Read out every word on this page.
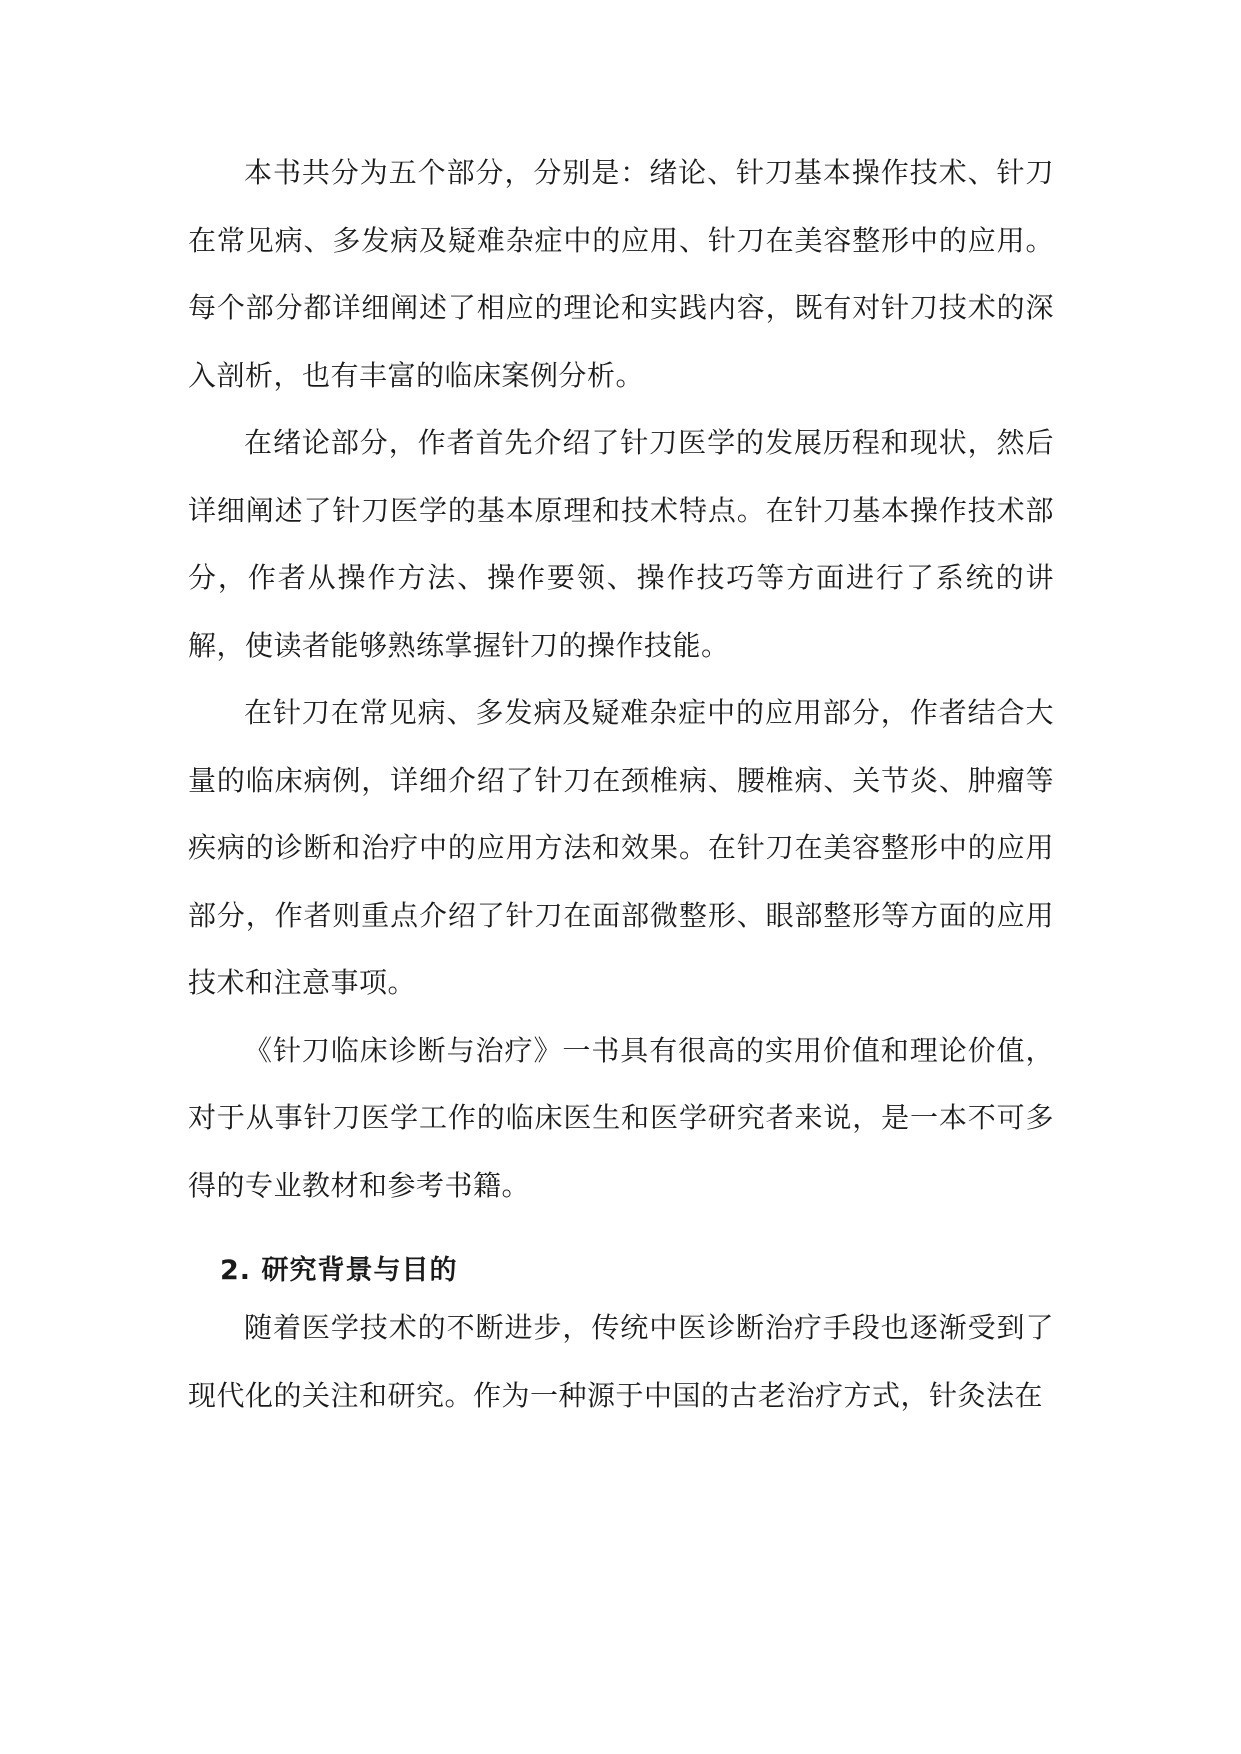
本书共分为五个部分，分别是：绪论、针刀基本操作技术、针刀在常见病、多发病及疑难杂症中的应用、针刀在美容整形中的应用。每个部分都详细阐述了相应的理论和实践内容，既有对针刀技术的深入剖析，也有丰富的临床案例分析。

在绪论部分，作者首先介绍了针刀医学的发展历程和现状，然后详细阐述了针刀医学的基本原理和技术特点。在针刀基本操作技术部分，作者从操作方法、操作要领、操作技巧等方面进行了系统的讲解，使读者能够熟练掌握针刀的操作技能。

在针刀在常见病、多发病及疑难杂症中的应用部分，作者结合大量的临床病例，详细介绍了针刀在颈椎病、腰椎病、关节炎、肿瘤等疾病的诊断和治疗中的应用方法和效果。在针刀在美容整形中的应用部分，作者则重点介绍了针刀在面部微整形、眼部整形等方面的应用技术和注意事项。

《针刀临床诊断与治疗》一书具有很高的实用价值和理论价值，对于从事针刀医学工作的临床医生和医学研究者来说，是一本不可多得的专业教材和参考书籍。

2. 研究背景与目的

随着医学技术的不断进步，传统中医诊断治疗手段也逐渐受到了现代化的关注和研究。作为一种源于中国的古老治疗方式，针灸法在
